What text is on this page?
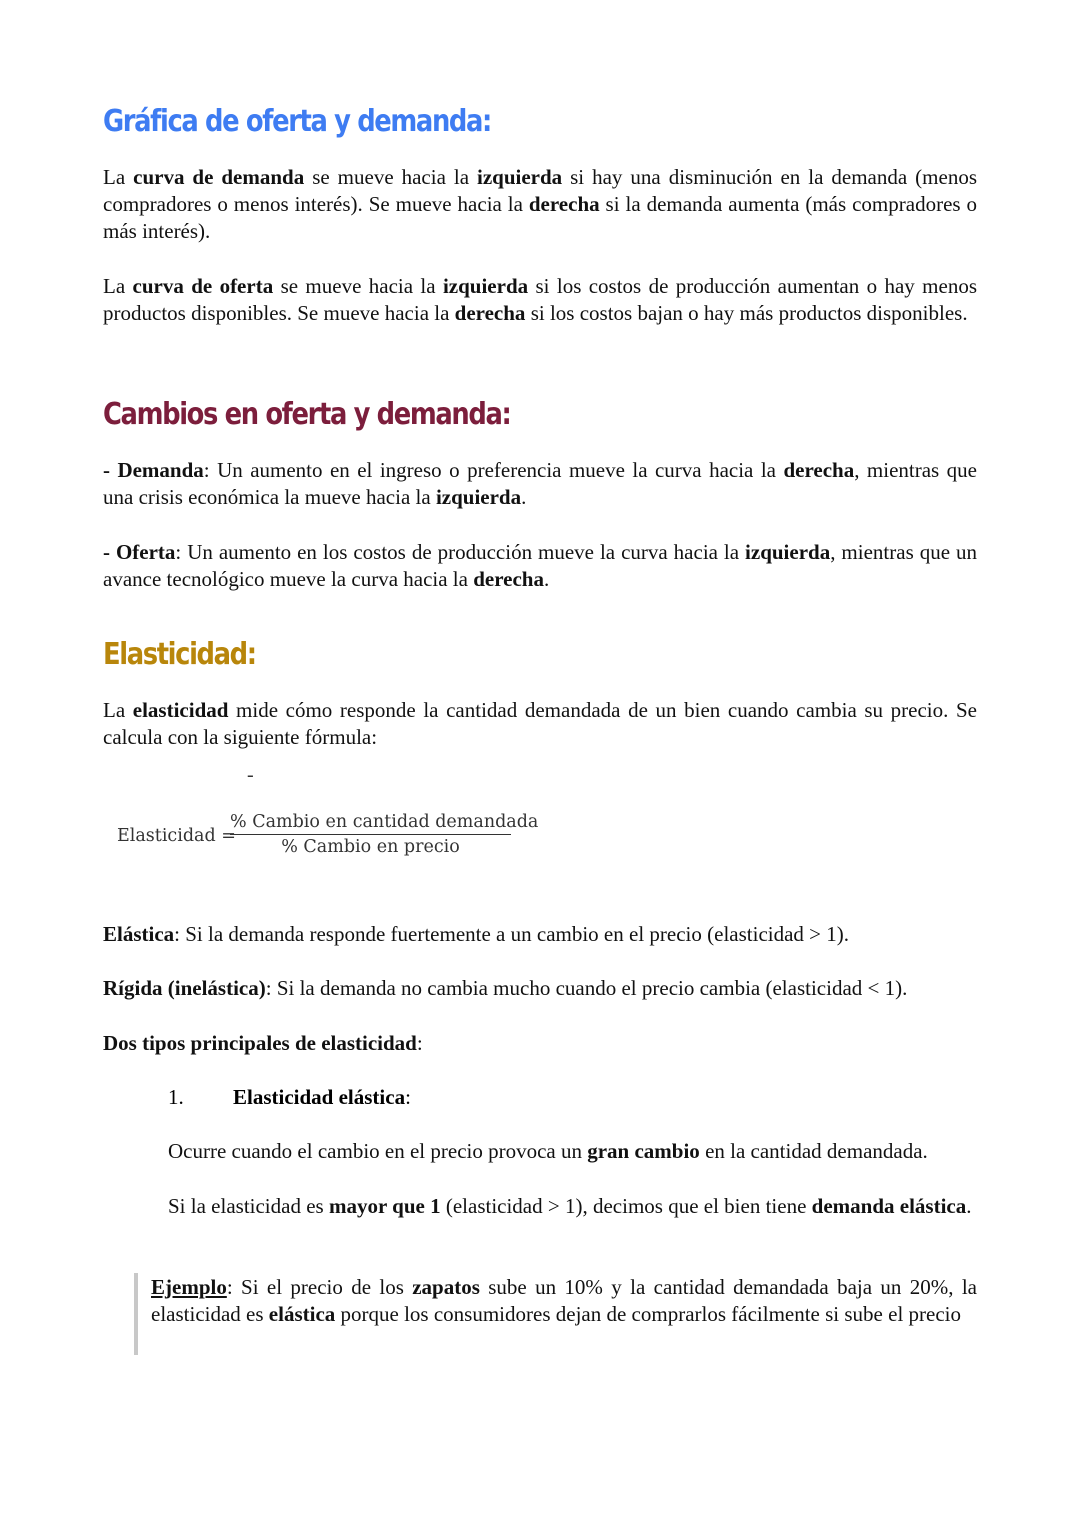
Gráfica de oferta y demanda:

La curva de demanda se mueve hacia la izquierda si hay una disminución en la demanda (menos compradores o menos interés). Se mueve hacia la derecha si la demanda aumenta (más compradores o más interés).

La curva de oferta se mueve hacia la izquierda si los costos de producción aumentan o hay menos productos disponibles. Se mueve hacia la derecha si los costos bajan o hay más productos disponibles.

Cambios en oferta y demanda:

- Demanda: Un aumento en el ingreso o preferencia mueve la curva hacia la derecha, mientras que una crisis económica la mueve hacia la izquierda.

- Oferta: Un aumento en los costos de producción mueve la curva hacia la izquierda, mientras que un avance tecnológico mueve la curva hacia la derecha.

Elasticidad:

La elasticidad mide cómo responde la cantidad demandada de un bien cuando cambia su precio. Se calcula con la siguiente fórmula:

-
Elasticidad =
% Cambio en cantidad demandada
% Cambio en precio

Elástica: Si la demanda responde fuertemente a un cambio en el precio (elasticidad > 1).

Rígida (inelástica): Si la demanda no cambia mucho cuando el precio cambia (elasticidad < 1).

Dos tipos principales de elasticidad:

1. Elasticidad elástica:

Ocurre cuando el cambio en el precio provoca un gran cambio en la cantidad demandada.

Si la elasticidad es mayor que 1 (elasticidad > 1), decimos que el bien tiene demanda elástica.

Ejemplo: Si el precio de los zapatos sube un 10% y la cantidad demandada baja un 20%, la elasticidad es elástica porque los consumidores dejan de comprarlos fácilmente si sube el precio
